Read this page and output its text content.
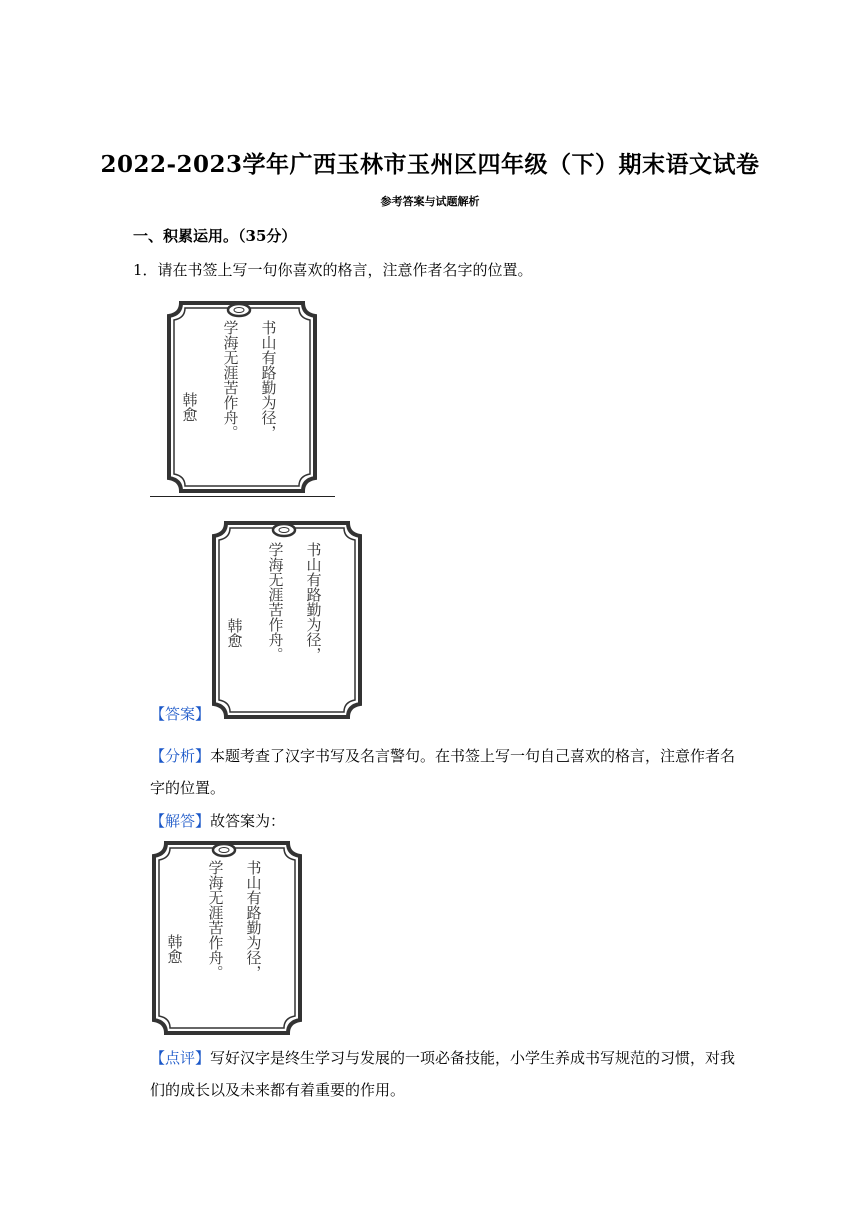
2022-2023学年广西玉林市玉州区四年级（下）期末语文试卷
参考答案与试题解析
一、积累运用。（35分）
1．请在书签上写一句你喜欢的格言，注意作者名字的位置。
书山有路勤为径，
学海无涯苦作舟。
韩愈
书山有路勤为径，
学海无涯苦作舟。
韩愈
【答案】
【分析】本题考查了汉字书写及名言警句。在书签上写一句自己喜欢的格言，注意作者名字的位置。
【解答】故答案为：
书山有路勤为径，
学海无涯苦作舟。
韩愈
【点评】写好汉字是终生学习与发展的一项必备技能，小学生养成书写规范的习惯，对我们的成长以及未来都有着重要的作用。
